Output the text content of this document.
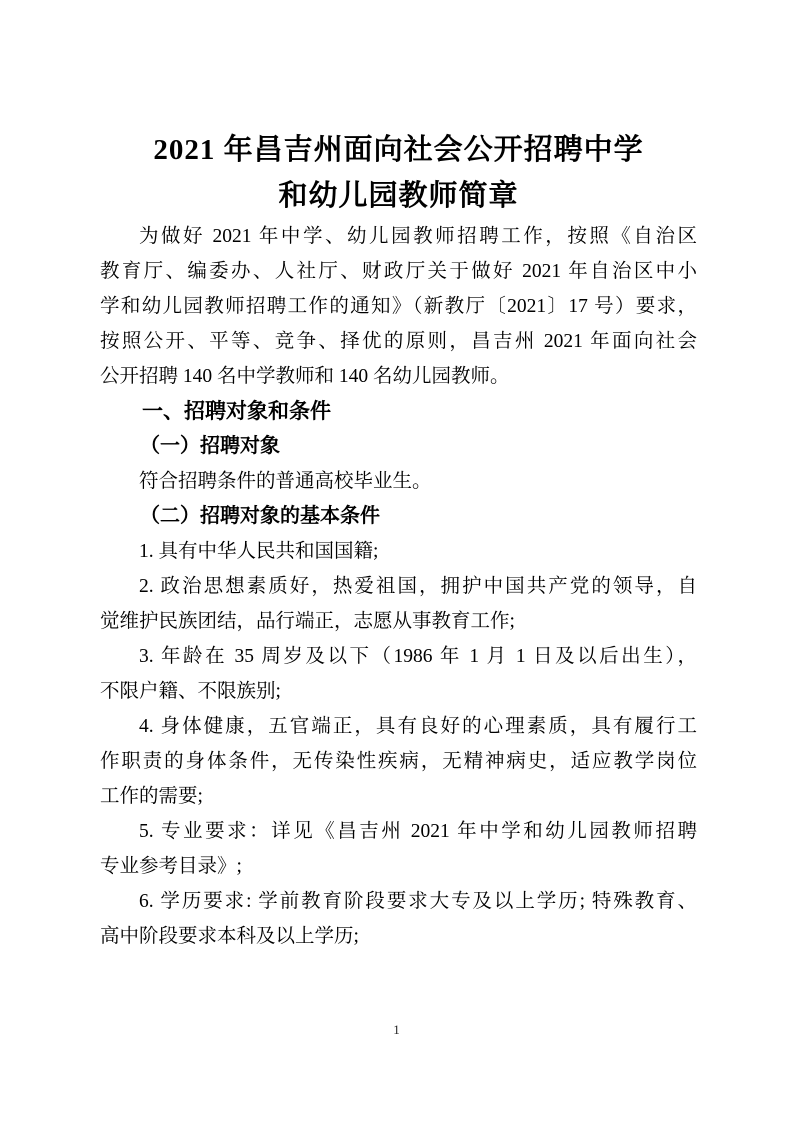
2021 年昌吉州面向社会公开招聘中学
和幼儿园教师简章
为做好 2021 年中学、幼儿园教师招聘工作，按照《自治区
教育厅、编委办、人社厅、财政厅关于做好 2021 年自治区中小
学和幼儿园教师招聘工作的通知》（新教厅〔2021〕17 号）要求，
按照公开、平等、竞争、择优的原则，昌吉州 2021 年面向社会
公开招聘 140 名中学教师和 140 名幼儿园教师。
一、招聘对象和条件
（一）招聘对象
符合招聘条件的普通高校毕业生。
（二）招聘对象的基本条件
1. 具有中华人民共和国国籍;
2. 政治思想素质好，热爱祖国，拥护中国共产党的领导，自
觉维护民族团结，品行端正，志愿从事教育工作;
3. 年龄在 35 周岁及以下（1986 年 1 月 1 日及以后出生），
不限户籍、不限族别;
4. 身体健康，五官端正，具有良好的心理素质，具有履行工
作职责的身体条件，无传染性疾病，无精神病史，适应教学岗位
工作的需要;
5. 专业要求：详见《昌吉州 2021 年中学和幼儿园教师招聘
专业参考目录》;
6. 学历要求: 学前教育阶段要求大专及以上学历; 特殊教育、
高中阶段要求本科及以上学历;
1
